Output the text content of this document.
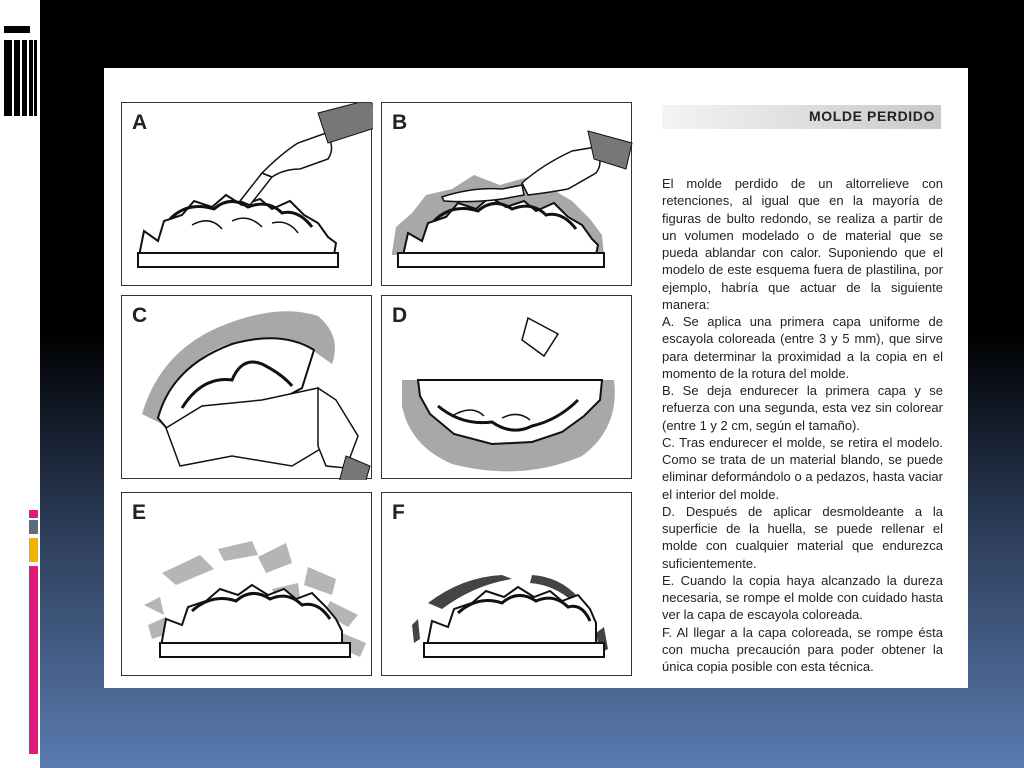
A	B
C	D
E	F
MOLDE PERDIDO

El molde perdido de un altorrelieve con retenciones, al igual que en la mayoría de figuras de bulto redondo, se realiza a partir de un volumen modelado o de material que se pueda ablandar con calor. Suponiendo que el modelo de este esquema fuera de plastilina, por ejemplo, habría que actuar de la siguiente manera:

A. Se aplica una primera capa uniforme de escayola coloreada (entre 3 y 5 mm), que sirve para determinar la proximidad a la copia en el momento de la rotura del molde.

B. Se deja endurecer la primera capa y se refuerza con una segunda, esta vez sin colorear (entre 1 y 2 cm, según el tamaño).

C. Tras endurecer el molde, se retira el modelo. Como se trata de un material blando, se puede eliminar deformándolo o a pedazos, hasta vaciar el interior del molde.

D. Después de aplicar desmoldeante a la superficie de la huella, se puede rellenar el molde con cualquier material que endurezca suficientemente.

E. Cuando la copia haya alcanzado la dureza necesaria, se rompe el molde con cuidado hasta ver la capa de escayola coloreada.

F. Al llegar a la capa coloreada, se rompe ésta con mucha precaución para poder obtener la única copia posible con esta técnica.
